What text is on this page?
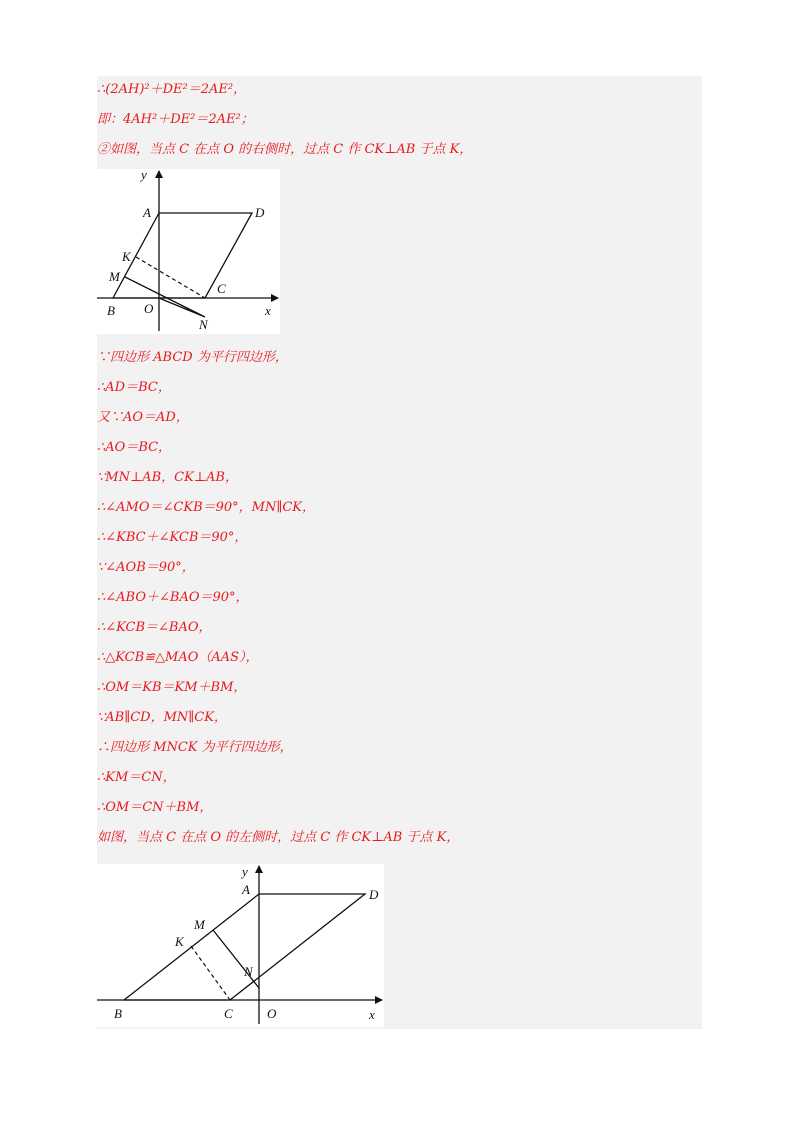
∴(2AH)²＋DE²＝2AE²，
即：4AH²＋DE²＝2AE²；
②如图，当点 C 在点 O 的右侧时，过点 C 作 CK⊥AB 于点 K，
y
x
A	D
K
M
B O
C
N
∵四边形 ABCD 为平行四边形，
∴AD＝BC，
又∵AO＝AD，
∴AO＝BC，
∵MN⊥AB，CK⊥AB，
∴∠AMO＝∠CKB＝90°，MN∥CK，
∴∠KBC＋∠KCB＝90°，
∵∠AOB＝90°，
∴∠ABO＋∠BAO＝90°，
∴∠KCB＝∠BAO，
∴△KCB≌△MAO（AAS），
∴OM＝KB＝KM＋BM，
∵AB∥CD，MN∥CK，
∴四边形 MNCK 为平行四边形，
∴KM＝CN，
∴OM＝CN＋BM，
如图，当点 C 在点 O 的左侧时，过点 C 作 CK⊥AB 于点 K，
y
x
A	D
M
K
N
B	C	O
